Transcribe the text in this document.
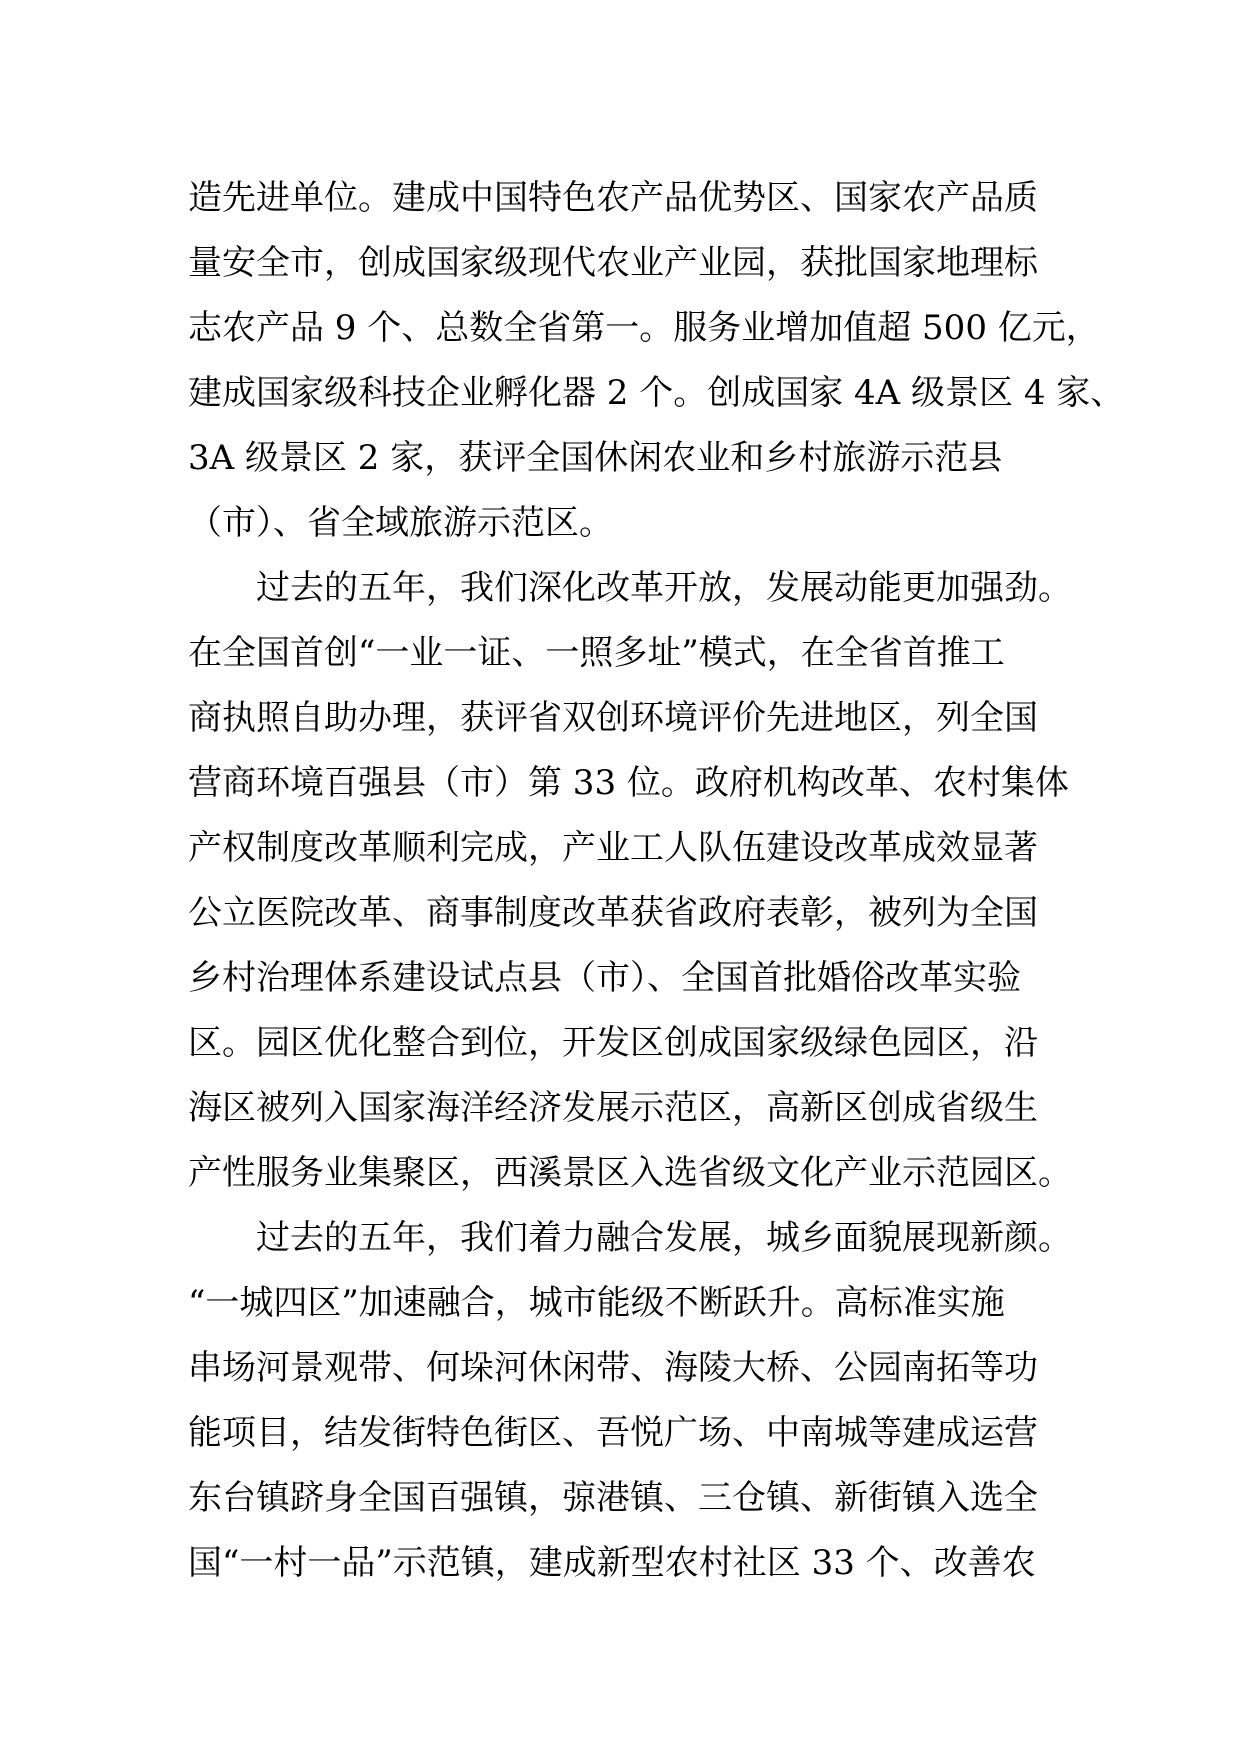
造先进单位。建成中国特色农产品优势区、国家农产品质
量安全市，创成国家级现代农业产业园，获批国家地理标
志农产品 9 个、总数全省第一。服务业增加值超 500 亿元，
建成国家级科技企业孵化器 2 个。创成国家 4A 级景区 4 家、
3A 级景区 2 家，获评全国休闲农业和乡村旅游示范县
（市）、省全域旅游示范区。
　　过去的五年，我们深化改革开放，发展动能更加强劲。
在全国首创“一业一证、一照多址”模式，在全省首推工
商执照自助办理，获评省双创环境评价先进地区，列全国
营商环境百强县（市）第 33 位。政府机构改革、农村集体
产权制度改革顺利完成，产业工人队伍建设改革成效显著
公立医院改革、商事制度改革获省政府表彰，被列为全国
乡村治理体系建设试点县（市）、全国首批婚俗改革实验
区。园区优化整合到位，开发区创成国家级绿色园区，沿
海区被列入国家海洋经济发展示范区，高新区创成省级生
产性服务业集聚区，西溪景区入选省级文化产业示范园区。
　　过去的五年，我们着力融合发展，城乡面貌展现新颜。
“一城四区”加速融合，城市能级不断跃升。高标准实施
串场河景观带、何垛河休闲带、海陵大桥、公园南拓等功
能项目，结发街特色街区、吾悦广场、中南城等建成运营
东台镇跻身全国百强镇，弶港镇、三仓镇、新街镇入选全
国“一村一品”示范镇，建成新型农村社区 33 个、改善农
